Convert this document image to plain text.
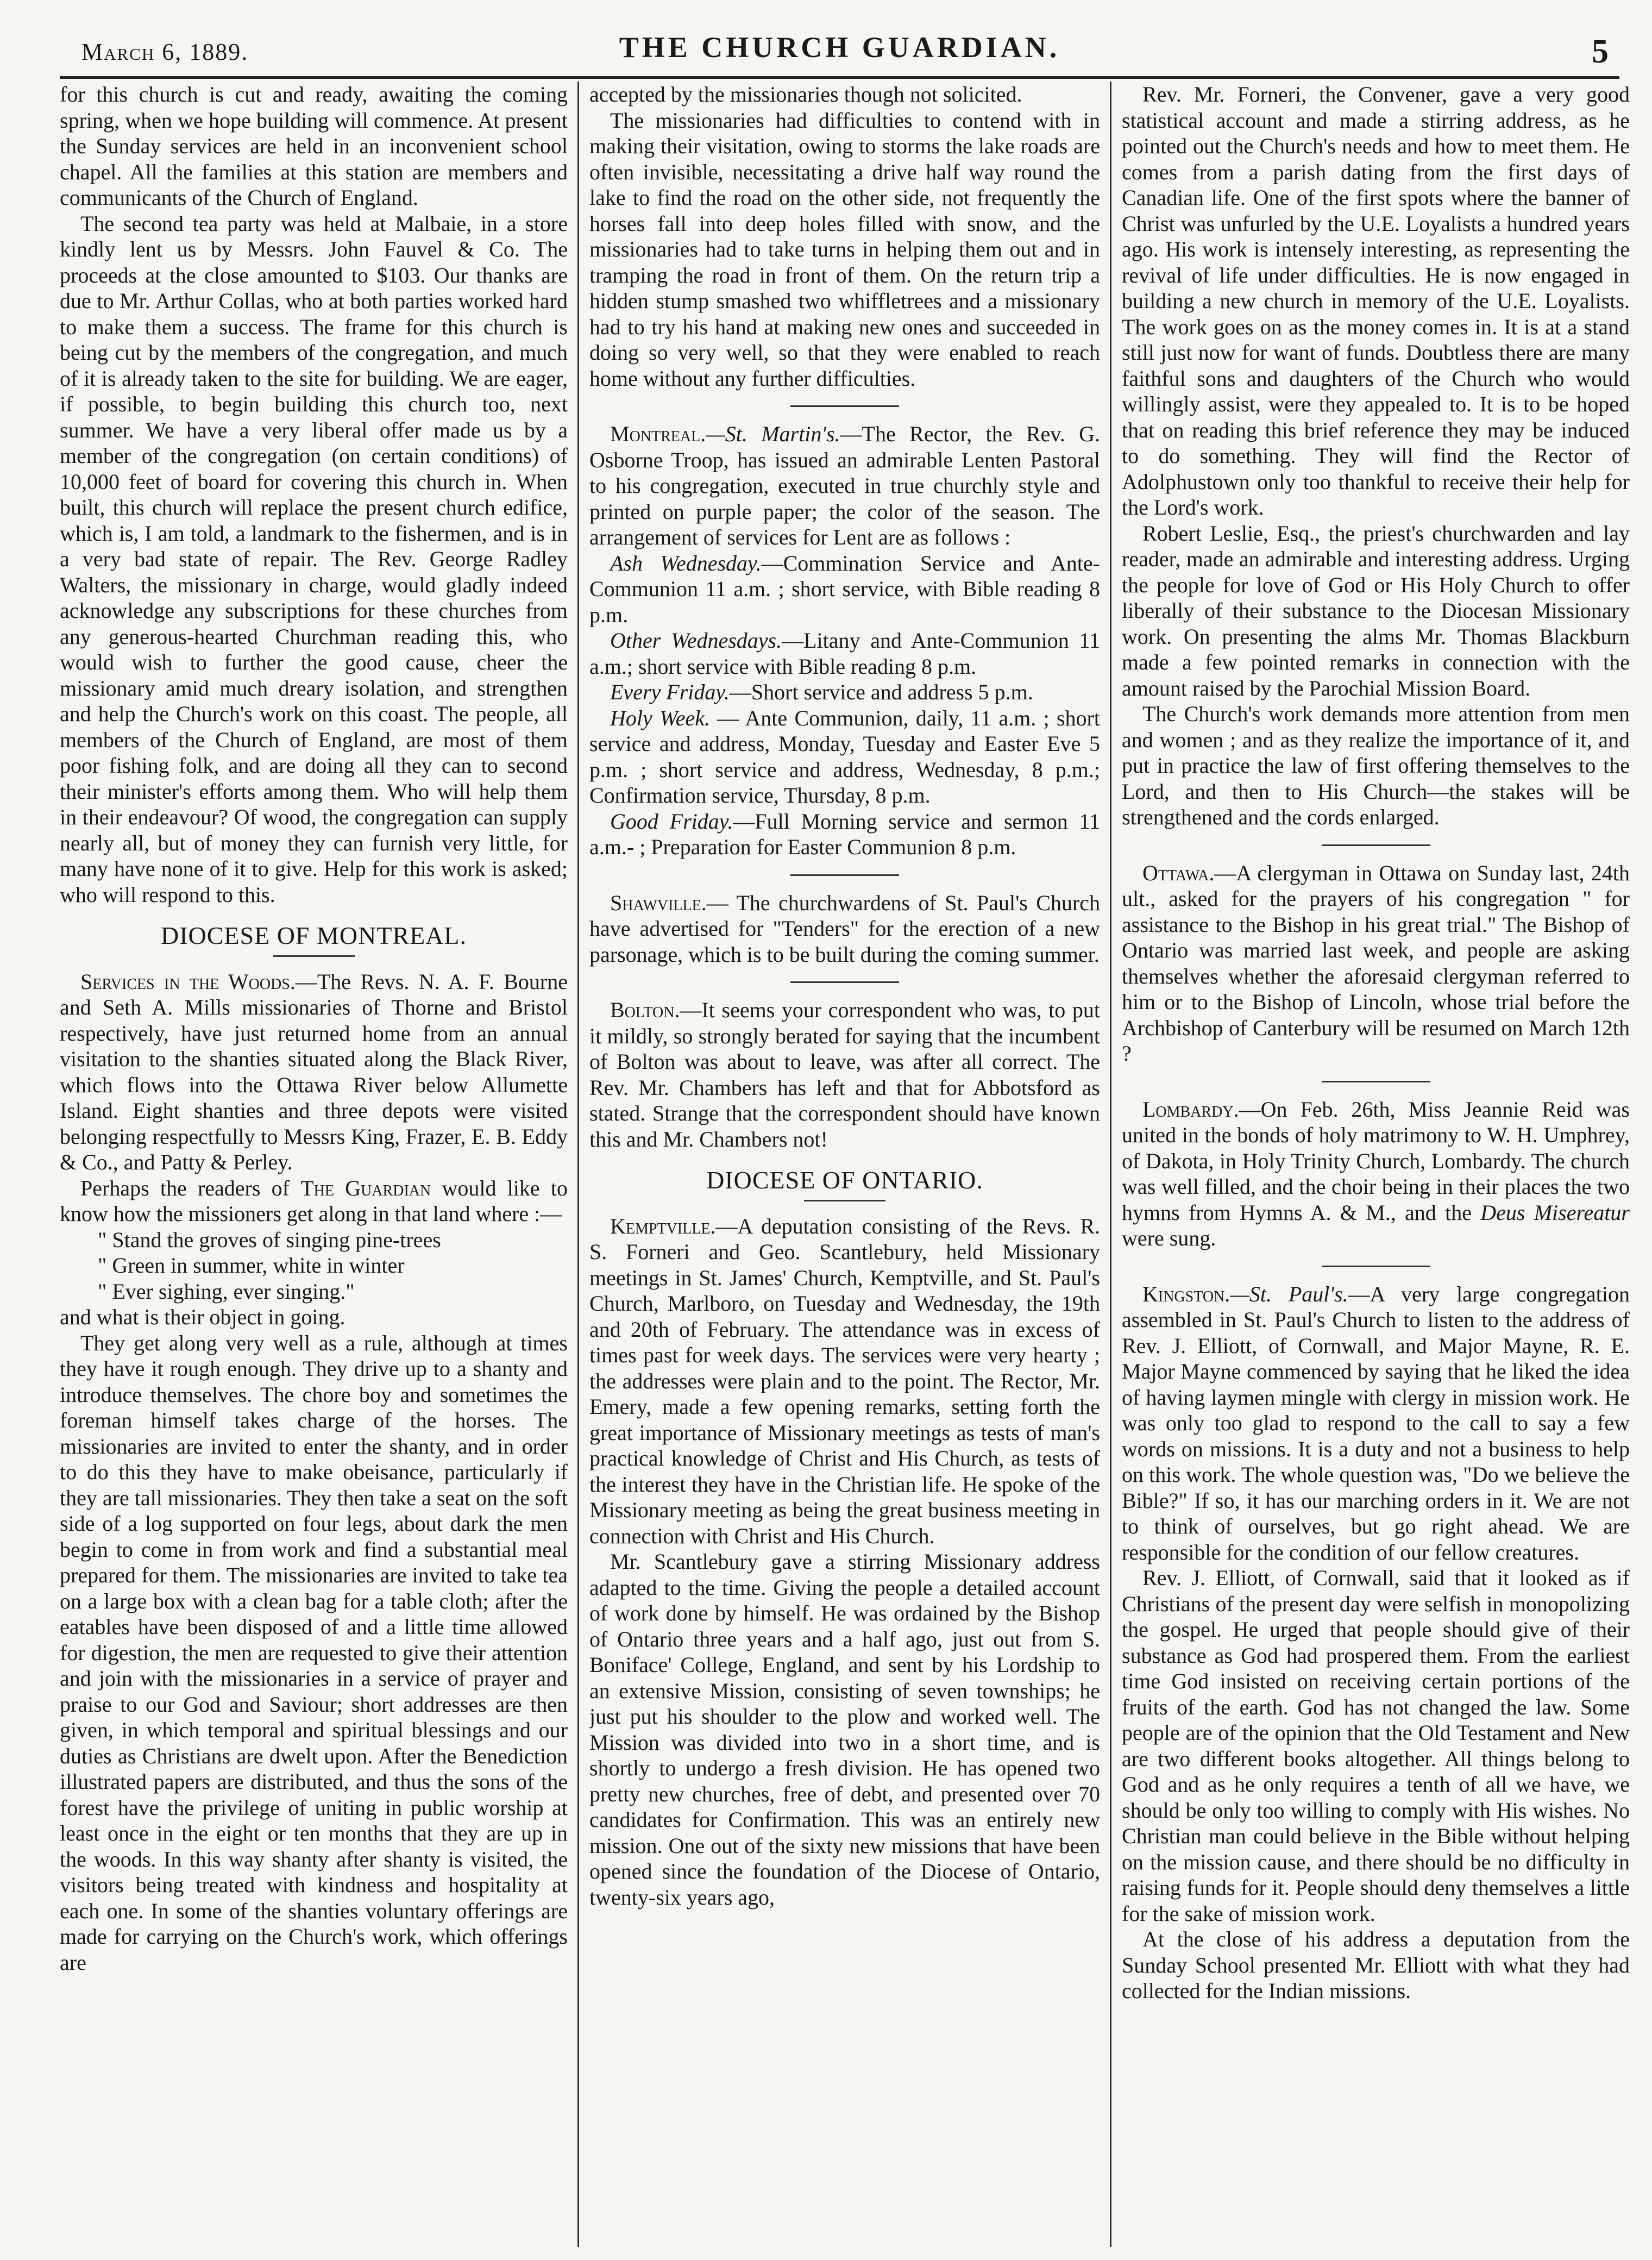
March 6, 1889.	THE CHURCH GUARDIAN.	5

for this church is cut and ready, awaiting the coming spring, when we hope building will commence. At present the Sunday services are held in an inconvenient school chapel. All the families at this station are members and communicants of the Church of England.

The second tea party was held at Malbaie, in a store kindly lent us by Messrs. John Fauvel & Co. The proceeds at the close amounted to $103. Our thanks are due to Mr. Arthur Collas, who at both parties worked hard to make them a success. The frame for this church is being cut by the members of the congregation, and much of it is already taken to the site for building. We are eager, if possible, to begin building this church too, next summer. We have a very liberal offer made us by a member of the congregation (on certain conditions) of 10,000 feet of board for covering this church in. When built, this church will replace the present church edifice, which is, I am told, a landmark to the fishermen, and is in a very bad state of repair. The Rev. George Radley Walters, the missionary in charge, would gladly indeed acknowledge any subscriptions for these churches from any generous-hearted Churchman reading this, who would wish to further the good cause, cheer the missionary amid much dreary isolation, and strengthen and help the Church's work on this coast. The people, all members of the Church of England, are most of them poor fishing folk, and are doing all they can to second their minister's efforts among them. Who will help them in their endeavour? Of wood, the congregation can supply nearly all, but of money they can furnish very little, for many have none of it to give. Help for this work is asked; who will respond to this.

DIOCESE OF MONTREAL.

Services in the Woods.—The Revs. N. A. F. Bourne and Seth A. Mills missionaries of Thorne and Bristol respectively, have just returned home from an annual visitation to the shanties situated along the Black River, which flows into the Ottawa River below Allumette Island. Eight shanties and three depots were visited belonging respectfully to Messrs King, Frazer, E. B. Eddy & Co., and Patty & Perley.

Perhaps the readers of The Guardian would like to know how the missioners get along in that land where :—

" Stand the groves of singing pine-trees
" Green in summer, white in winter
" Ever sighing, ever singing."

and what is their object in going.

They get along very well as a rule, although at times they have it rough enough. They drive up to a shanty and introduce themselves. The chore boy and sometimes the foreman himself takes charge of the horses. The missionaries are invited to enter the shanty, and in order to do this they have to make obeisance, particularly if they are tall missionaries. They then take a seat on the soft side of a log supported on four legs, about dark the men begin to come in from work and find a substantial meal prepared for them. The missionaries are invited to take tea on a large box with a clean bag for a table cloth; after the eatables have been disposed of and a little time allowed for digestion, the men are requested to give their attention and join with the missionaries in a service of prayer and praise to our God and Saviour; short addresses are then given, in which temporal and spiritual blessings and our duties as Christians are dwelt upon. After the Benediction illustrated papers are distributed, and thus the sons of the forest have the privilege of uniting in public worship at least once in the eight or ten months that they are up in the woods. In this way shanty after shanty is visited, the visitors being treated with kindness and hospitality at each one. In some of the shanties voluntary offerings are made for carrying on the Church's work, which offerings are

accepted by the missionaries though not solicited.

The missionaries had difficulties to contend with in making their visitation, owing to storms the lake roads are often invisible, necessitating a drive half way round the lake to find the road on the other side, not frequently the horses fall into deep holes filled with snow, and the missionaries had to take turns in helping them out and in tramping the road in front of them. On the return trip a hidden stump smashed two whiffletrees and a missionary had to try his hand at making new ones and succeeded in doing so very well, so that they were enabled to reach home without any further difficulties.

Montreal.—St. Martin's.—The Rector, the Rev. G. Osborne Troop, has issued an admirable Lenten Pastoral to his congregation, executed in true churchly style and printed on purple paper; the color of the season. The arrangement of services for Lent are as follows :

Ash Wednesday.—Commination Service and Ante-Communion 11 a.m. ; short service, with Bible reading 8 p.m.

Other Wednesdays.—Litany and Ante-Communion 11 a.m.; short service with Bible reading 8 p.m.

Every Friday.—Short service and address 5 p.m.

Holy Week. — Ante Communion, daily, 11 a.m. ; short service and address, Monday, Tuesday and Easter Eve 5 p.m. ; short service and address, Wednesday, 8 p.m.; Confirmation service, Thursday, 8 p.m.

Good Friday.—Full Morning service and sermon 11 a.m.- ; Preparation for Easter Communion 8 p.m.

Shawville.— The churchwardens of St. Paul's Church have advertised for "Tenders" for the erection of a new parsonage, which is to be built during the coming summer.

Bolton.—It seems your correspondent who was, to put it mildly, so strongly berated for saying that the incumbent of Bolton was about to leave, was after all correct. The Rev. Mr. Chambers has left and that for Abbotsford as stated. Strange that the correspondent should have known this and Mr. Chambers not!

DIOCESE OF ONTARIO.

Kemptville.—A deputation consisting of the Revs. R. S. Forneri and Geo. Scantlebury, held Missionary meetings in St. James' Church, Kemptville, and St. Paul's Church, Marlboro, on Tuesday and Wednesday, the 19th and 20th of February. The attendance was in excess of times past for week days. The services were very hearty ; the addresses were plain and to the point. The Rector, Mr. Emery, made a few opening remarks, setting forth the great importance of Missionary meetings as tests of man's practical knowledge of Christ and His Church, as tests of the interest they have in the Christian life. He spoke of the Missionary meeting as being the great business meeting in connection with Christ and His Church.

Mr. Scantlebury gave a stirring Missionary address adapted to the time. Giving the people a detailed account of work done by himself. He was ordained by the Bishop of Ontario three years and a half ago, just out from S. Boniface' College, England, and sent by his Lordship to an extensive Mission, consisting of seven townships; he just put his shoulder to the plow and worked well. The Mission was divided into two in a short time, and is shortly to undergo a fresh division. He has opened two pretty new churches, free of debt, and presented over 70 candidates for Confirmation. This was an entirely new mission. One out of the sixty new missions that have been opened since the foundation of the Diocese of Ontario, twenty-six years ago,

Rev. Mr. Forneri, the Convener, gave a very good statistical account and made a stirring address, as he pointed out the Church's needs and how to meet them. He comes from a parish dating from the first days of Canadian life. One of the first spots where the banner of Christ was unfurled by the U.E. Loyalists a hundred years ago. His work is intensely interesting, as representing the revival of life under difficulties. He is now engaged in building a new church in memory of the U.E. Loyalists. The work goes on as the money comes in. It is at a stand still just now for want of funds. Doubtless there are many faithful sons and daughters of the Church who would willingly assist, were they appealed to. It is to be hoped that on reading this brief reference they may be induced to do something. They will find the Rector of Adolphustown only too thankful to receive their help for the Lord's work.

Robert Leslie, Esq., the priest's churchwarden and lay reader, made an admirable and interesting address. Urging the people for love of God or His Holy Church to offer liberally of their substance to the Diocesan Missionary work. On presenting the alms Mr. Thomas Blackburn made a few pointed remarks in connection with the amount raised by the Parochial Mission Board.

The Church's work demands more attention from men and women ; and as they realize the importance of it, and put in practice the law of first offering themselves to the Lord, and then to His Church—the stakes will be strengthened and the cords enlarged.

Ottawa.—A clergyman in Ottawa on Sunday last, 24th ult., asked for the prayers of his congregation " for assistance to the Bishop in his great trial." The Bishop of Ontario was married last week, and people are asking themselves whether the aforesaid clergyman referred to him or to the Bishop of Lincoln, whose trial before the Archbishop of Canterbury will be resumed on March 12th ?

Lombardy.—On Feb. 26th, Miss Jeannie Reid was united in the bonds of holy matrimony to W. H. Umphrey, of Dakota, in Holy Trinity Church, Lombardy. The church was well filled, and the choir being in their places the two hymns from Hymns A. & M., and the Deus Misereatur were sung.

Kingston.—St. Paul's.—A very large congregation assembled in St. Paul's Church to listen to the address of Rev. J. Elliott, of Cornwall, and Major Mayne, R. E. Major Mayne commenced by saying that he liked the idea of having laymen mingle with clergy in mission work. He was only too glad to respond to the call to say a few words on missions. It is a duty and not a business to help on this work. The whole question was, "Do we believe the Bible?" If so, it has our marching orders in it. We are not to think of ourselves, but go right ahead. We are responsible for the condition of our fellow creatures.

Rev. J. Elliott, of Cornwall, said that it looked as if Christians of the present day were selfish in monopolizing the gospel. He urged that people should give of their substance as God had prospered them. From the earliest time God insisted on receiving certain portions of the fruits of the earth. God has not changed the law. Some people are of the opinion that the Old Testament and New are two different books altogether. All things belong to God and as he only requires a tenth of all we have, we should be only too willing to comply with His wishes. No Christian man could believe in the Bible without helping on the mission cause, and there should be no difficulty in raising funds for it. People should deny themselves a little for the sake of mission work.

At the close of his address a deputation from the Sunday School presented Mr. Elliott with what they had collected for the Indian missions.
